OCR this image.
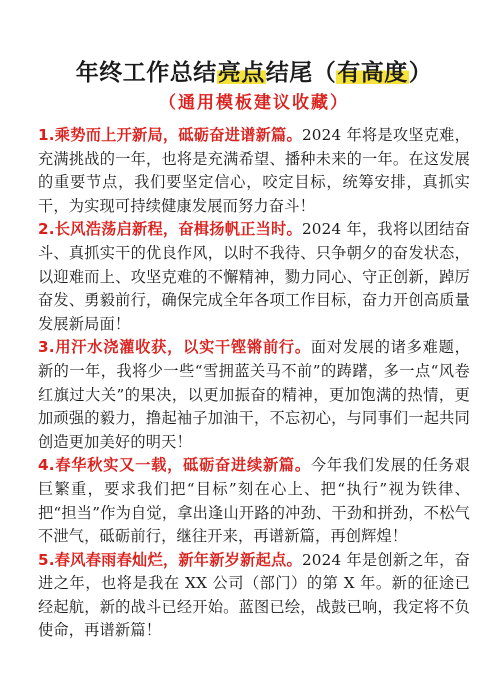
年终工作总结亮点结尾（有高度）
（通用模板建议收藏）

1.乘势而上开新局，砥砺奋进谱新篇。2024 年将是攻坚克难，充满挑战的一年，也将是充满希望、播种未来的一年。在这发展的重要节点，我们要坚定信心，咬定目标，统筹安排，真抓实干，为实现可持续健康发展而努力奋斗！

2.长风浩荡启新程，奋楫扬帆正当时。2024 年，我将以团结奋斗、真抓实干的优良作风，以时不我待、只争朝夕的奋发状态，以迎难而上、攻坚克难的不懈精神，勠力同心、守正创新，踔厉奋发、勇毅前行，确保完成全年各项工作目标，奋力开创高质量发展新局面！

3.用汗水浇灌收获，以实干铿锵前行。面对发展的诸多难题，新的一年，我将少一些“雪拥蓝关马不前”的踌躇，多一点“风卷红旗过大关”的果决，以更加振奋的精神，更加饱满的热情，更加顽强的毅力，撸起袖子加油干，不忘初心，与同事们一起共同创造更加美好的明天！

4.春华秋实又一载，砥砺奋进续新篇。今年我们发展的任务艰巨繁重，要求我们把“目标”刻在心上、把“执行”视为铁律、把“担当”作为自觉，拿出逢山开路的冲劲、干劲和拼劲，不松气不泄气，砥砺前行，继往开来，再谱新篇，再创辉煌！

5.春风春雨春灿烂，新年新岁新起点。2024 年是创新之年，奋进之年，也将是我在 XX 公司（部门）的第 X 年。新的征途已经起航，新的战斗已经开始。蓝图已绘，战鼓已响，我定将不负使命，再谱新篇！
